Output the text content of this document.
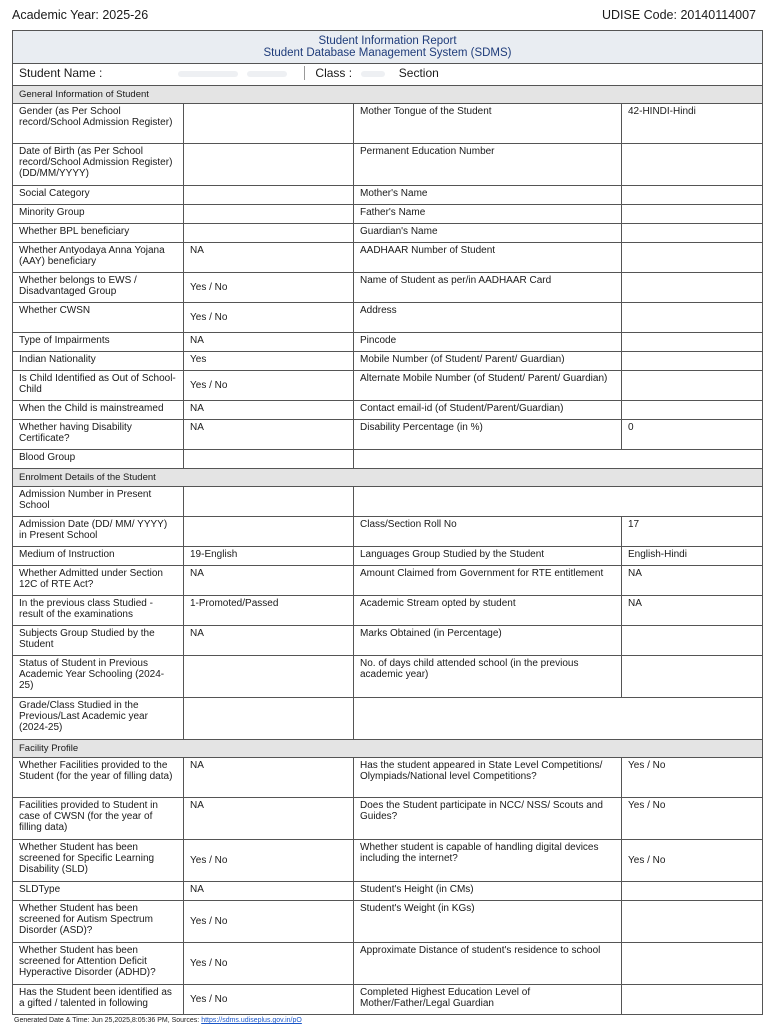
Academic Year: 2025-26	UDISE Code: 20140114007
Student Information Report
Student Database Management System (SDMS)			

Student Name : Class : Section			
General Information of Student			
Gender (as Per School record/School Admission Register)		Mother Tongue of the Student	42-HINDI-Hindi
Date of Birth (as Per School record/School Admission Register) (DD/MM/YYYY)		Permanent Education Number	
Social Category		Mother's Name	
Minority Group		Father's Name	
Whether BPL beneficiary		Guardian's Name	
Whether Antyodaya Anna Yojana (AAY) beneficiary	NA	AADHAAR Number of Student	
Whether belongs to EWS / Disadvantaged Group	Yes / No	Name of Student as per/in AADHAAR Card	
Whether CWSN	Yes / No	Address	
Type of Impairments	NA	Pincode	
Indian Nationality	Yes	Mobile Number (of Student/ Parent/ Guardian)	
Is Child Identified as Out of School-Child	Yes / No	Alternate Mobile Number (of Student/ Parent/ Guardian)	
When the Child is mainstreamed	NA	Contact email-id (of Student/Parent/Guardian)	
Whether having Disability Certificate?	NA	Disability Percentage (in %)	0
Blood Group			
Enrolment Details of the Student			
Admission Number in Present School			
Admission Date (DD/ MM/ YYYY) in Present School		Class/Section Roll No	17
Medium of Instruction	19-English	Languages Group Studied by the Student	English-Hindi
Whether Admitted under Section 12C of RTE Act?	NA	Amount Claimed from Government for RTE entitlement	NA
In the previous class Studied - result of the examinations	1-Promoted/Passed	Academic Stream opted by student	NA
Subjects Group Studied by the Student	NA	Marks Obtained (in Percentage)	
Status of Student in Previous Academic Year Schooling (2024-25)		No. of days child attended school (in the previous academic year)	
Grade/Class Studied in the Previous/Last Academic year (2024-25)			
Facility Profile			
Whether Facilities provided to the Student (for the year of filling data)	NA	Has the student appeared in State Level Competitions/ Olympiads/National level Competitions?	Yes / No
Facilities provided to Student in case of CWSN (for the year of filling data)	NA	Does the Student participate in NCC/ NSS/ Scouts and Guides?	Yes / No
Whether Student has been screened for Specific Learning Disability (SLD)	Yes / No	Whether student is capable of handling digital devices including the internet?	Yes / No
SLDType	NA	Student's Height (in CMs)	
Whether Student has been screened for Autism Spectrum Disorder (ASD)?	Yes / No	Student's Weight (in KGs)	
Whether Student has been screened for Attention Deficit Hyperactive Disorder (ADHD)?	Yes / No	Approximate Distance of student's residence to school	
Has the Student been identified as a gifted / talented in following	Yes / No	Completed Highest Education Level of Mother/Father/Legal Guardian	
Generated Date & Time: Jun 25,2025,8:05:36 PM, Sources: https://sdms.udiseplus.gov.in/pO
